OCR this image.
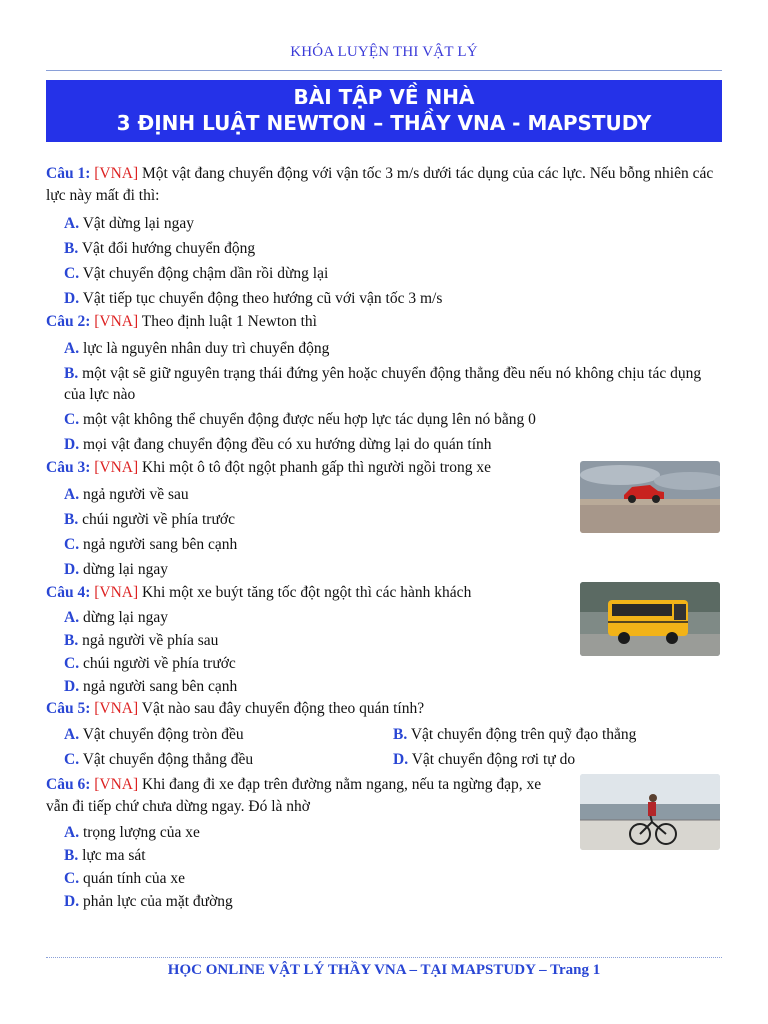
KHÓA LUYỆN THI VẬT LÝ
BÀI TẬP VỀ NHÀ
3 ĐỊNH LUẬT NEWTON – THẦY VNA - MAPSTUDY
Câu 1: [VNA] Một vật đang chuyển động với vận tốc 3 m/s dưới tác dụng của các lực. Nếu bỗng nhiên các lực này mất đi thì:
A. Vật dừng lại ngay
B. Vật đổi hướng chuyển động
C. Vật chuyển động chậm dần rồi dừng lại
D. Vật tiếp tục chuyển động theo hướng cũ với vận tốc 3 m/s
Câu 2: [VNA] Theo định luật 1 Newton thì
A. lực là nguyên nhân duy trì chuyển động
B. một vật sẽ giữ nguyên trạng thái đứng yên hoặc chuyển động thẳng đều nếu nó không chịu tác dụng của lực nào
C. một vật không thể chuyển động được nếu hợp lực tác dụng lên nó bằng 0
D. mọi vật đang chuyển động đều có xu hướng dừng lại do quán tính
Câu 3: [VNA] Khi một ô tô đột ngột phanh gấp thì người ngồi trong xe
A. ngả người về sau
B. chúi người về phía trước
C. ngả người sang bên cạnh
D. dừng lại ngay
Câu 4: [VNA] Khi một xe buýt tăng tốc đột ngột thì các hành khách
A. dừng lại ngay
B. ngả người về phía sau
C. chúi người về phía trước
D. ngả người sang bên cạnh
Câu 5: [VNA] Vật nào sau đây chuyển động theo quán tính?
A. Vật chuyển động tròn đều	B. Vật chuyển động trên quỹ đạo thẳng
C. Vật chuyển động thẳng đều	D. Vật chuyển động rơi tự do
Câu 6: [VNA] Khi đang đi xe đạp trên đường nằm ngang, nếu ta ngừng đạp, xe vẫn đi tiếp chứ chưa dừng ngay. Đó là nhờ
A. trọng lượng của xe
B. lực ma sát
C. quán tính của xe
D. phản lực của mặt đường
HỌC ONLINE VẬT LÝ THẦY VNA – TẠI MAPSTUDY – Trang 1
